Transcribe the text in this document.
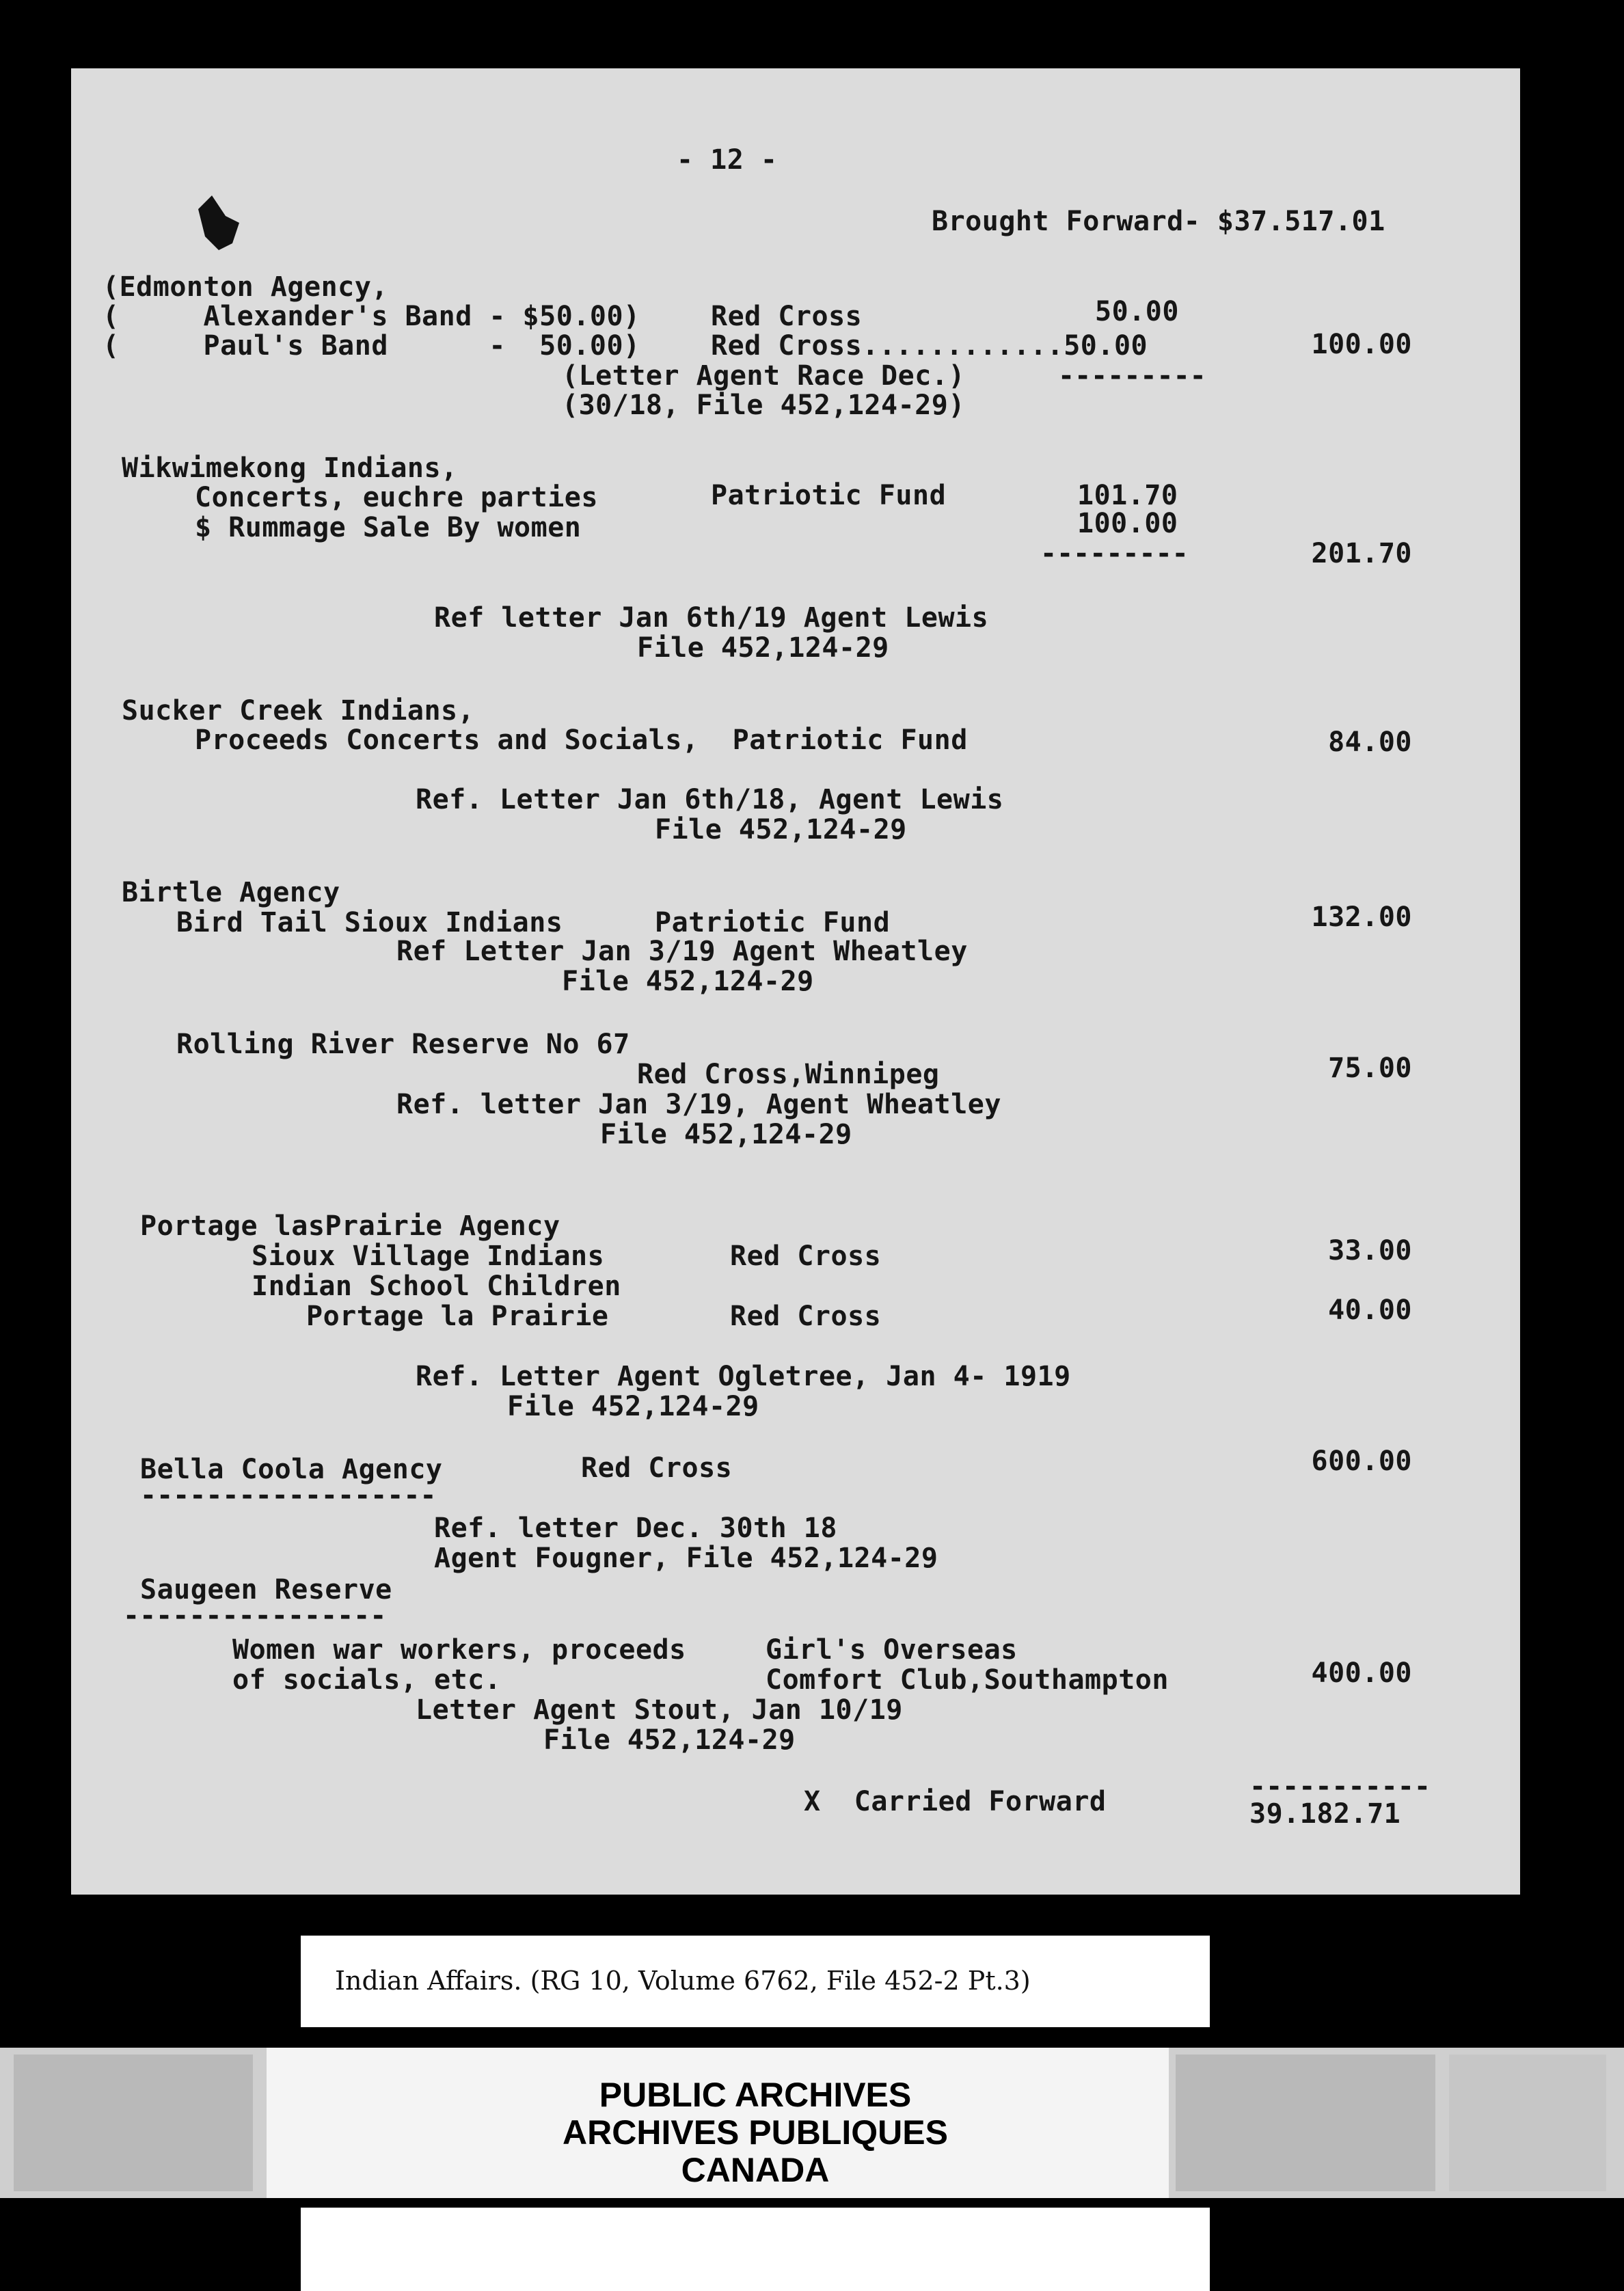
- 12 -
Brought Forward- $37.517.01
(Edmonton Agency,
(     Alexander's Band - $50.00)	Red Cross	50.00
(     Paul's Band      -  50.00)	Red Cross............50.00	100.00
(Letter Agent Race Dec.)	---------
(30/18, File 452,124-29)
Wikwimekong Indians,
Concerts, euchre parties	Patriotic Fund	101.70
$ Rummage Sale By women	100.00
---------	201.70
Ref letter Jan 6th/19 Agent Lewis
File 452,124-29
Sucker Creek Indians,
Proceeds Concerts and Socials,  Patriotic Fund	84.00
Ref. Letter Jan 6th/18, Agent Lewis
File 452,124-29
Birtle Agency
Bird Tail Sioux Indians	Patriotic Fund	132.00
Ref Letter Jan 3/19 Agent Wheatley
File 452,124-29
Rolling River Reserve No 67
Red Cross,Winnipeg	75.00
Ref. letter Jan 3/19, Agent Wheatley
File 452,124-29
Portage lasPrairie Agency
Sioux Village Indians	Red Cross	33.00
Indian School Children
Portage la Prairie	Red Cross	40.00
Ref. Letter Agent Ogletree, Jan 4- 1919
File 452,124-29
Bella Coola Agency	Red Cross	600.00
------------------
Ref. letter Dec. 30th 18
Agent Fougner, File 452,124-29
Saugeen Reserve
----------------
Women war workers, proceeds	Girl's Overseas
of socials, etc.	Comfort Club,Southampton	400.00
Letter Agent Stout, Jan 10/19
File 452,124-29
X  Carried Forward	-----------
39.182.71
Indian Affairs. (RG 10, Volume 6762, File 452-2 Pt.3)
PUBLIC ARCHIVES
ARCHIVES PUBLIQUES
CANADA
